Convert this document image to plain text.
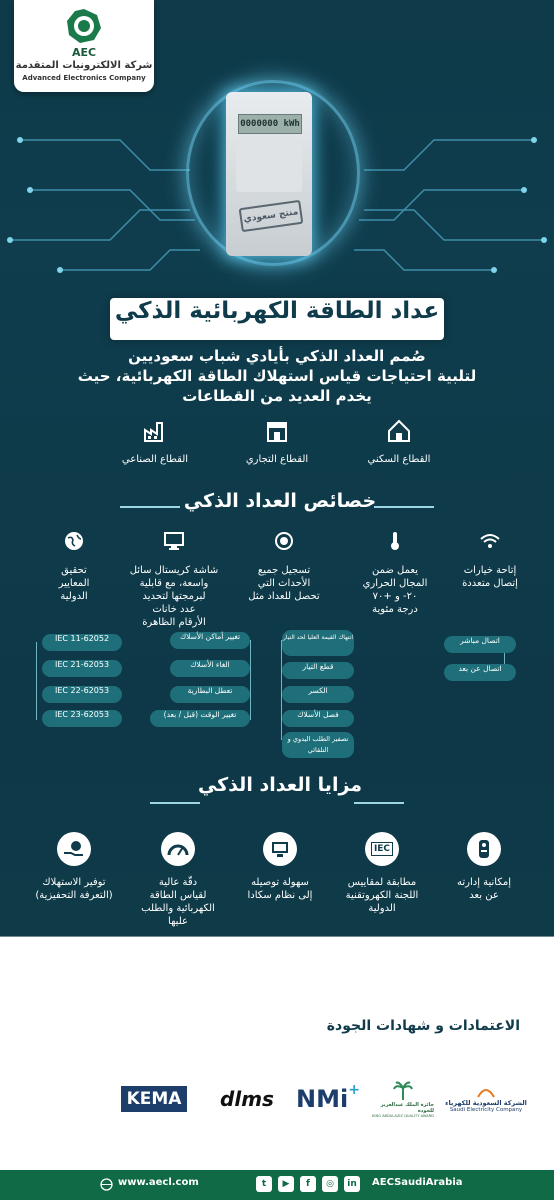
AEC
شركة الالكترونيات المتقدمة
Advanced Electronics Company
0000000 kWh
منتج سعودي
عداد الطاقة الكهربائية الذكي
صُمم العداد الذكي بأيادي شباب سعوديين
لتلبية احتياجات قياس استهلاك الطاقة الكهربائية، حيث
يخدم العديد من القطاعات
القطاع السكني
القطاع التجاري
القطاع الصناعي
خصائص العداد الذكي
إتاحة خيارات
إتصال متعددة
يعمل ضمن
المجال الحراري
٢٠- و +٧٠
درجة مئوية
تسجيل جميع
الأحداث التي
تحصل للعداد مثل
شاشة كريستال سائل
واسعة، مع قابلية
لبرمجتها لتحديد
عدد خانات
الأرقام الظاهرة
تحقيق
المعايير
الدولية
اتصال مباشر
اتصال عن بعد
انتهاك القيمة العليا لحد التيار
قطع التيار
الكسر
فصل الأسلاك
تصفير الطلب اليدوي و التلقائي
تغيير أماكن الأسلاك
الغاء الأسلاك
تعطل البطارية
تغيير الوقت (قبل / بعد)
IEC 11-62052
IEC 21-62053
IEC 22-62053
IEC 23-62053
مزايا العداد الذكي
إمكانية إدارته
عن بعد
IEC
مطابقة لمقاييس
اللجنة الكهروتقنية
الدولية
سهولة توصيله
إلى نظام سكادا
دقّة عالية
لقياس الطاقة
الكهربائية والطلب
عليها
توفير الاستهلاك
(التعرفة التحفيزية)
الاعتمادات و شهادات الجودة
الشركة السعودية للكهرباء
Saudi Electricity Company
جائزة الملك عبدالعزيز للجودة
KING ABDULAZIZ QUALITY AWARD
NMi +
dlms
KEMA
www.aecl.com	t	▶	f	◎	in	AECSaudiArabia
